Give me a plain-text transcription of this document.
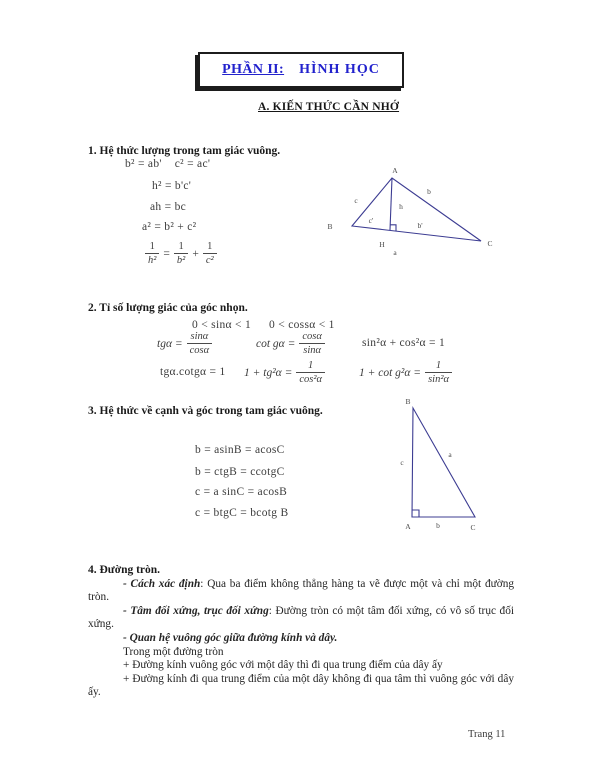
PHẦN II: HÌNH HỌC
A. KIẾN THỨC CẦN NHỚ
1. Hệ thức lượng trong tam giác vuông.
b² = ab' c² = ac'
h² = b'c'
ah = bc
a² = b² + c²
$\frac{1}{\text{h²}} = \frac{1}{\text{b²}} + \frac{1}{\text{c²}}$
A
B
C
H
a
b
c
h
c'
b'
2. Tỉ số lượng giác của góc nhọn.
0 < sinα < 1 0 < cossα < 1
$tg\alpha = \frac{\sin\alpha}{\cos\alpha}$	$\cot g\alpha = \frac{\cos\alpha}{\sin\alpha}$	sin²α + cos²α = 1
tgα.cotgα = 1 $1 + tg^2\alpha = \frac{1}{\text{cos²α}}$	$1 + \cot g^2\alpha = \frac{1}{\text{sin²α}}$
3. Hệ thức về cạnh và góc trong tam giác vuông.
b = asinB = acosC
b = ctgB = ccotgC
c = a sinC = acosB
c = btgC = bcotg B
B
A	C
c
a
b
4. Đường tròn.

- Cách xác định: Qua ba điểm không thẳng hàng ta vẽ được một và chỉ một đường tròn.

- Tâm đối xứng, trục đối xứng: Đường tròn có một tâm đối xứng, có vô số trục đối xứng.

- Quan hệ vuông góc giữa đường kính và dây.

Trong một đường tròn

+ Đường kính vuông góc với một dây thì đi qua trung điểm của dây ấy

+ Đường kính đi qua trung điểm của một dây không đi qua tâm thì vuông góc với dây ấy.

Trang 11
